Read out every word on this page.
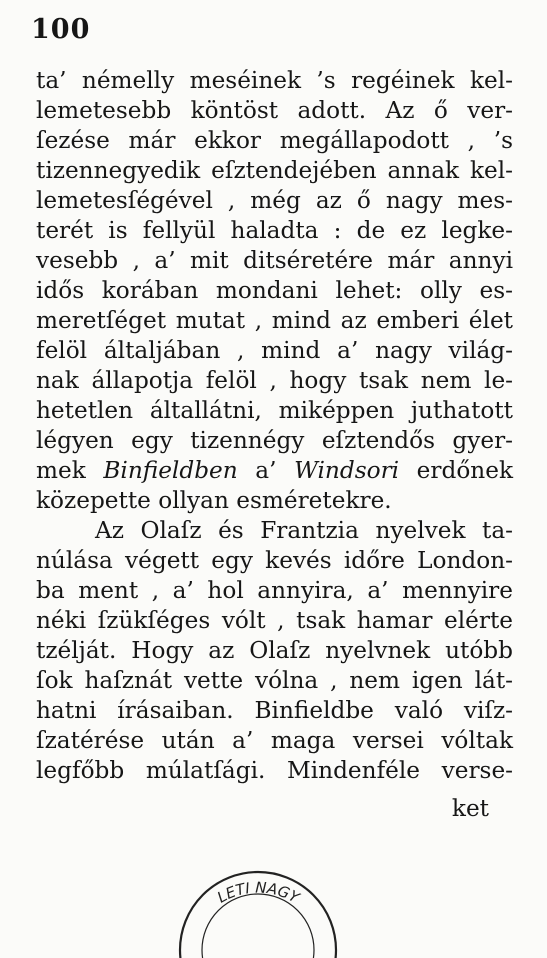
100
ta’ némelly meséinek ’s regéinek kel-
lemetesebb köntöst adott. Az ő ver-
ſezése már ekkor megállapodott , ’s
tizennegyedik eſztendejében annak kel-
lemetesſégével , még az ő nagy mes-
terét is fellyül haladta : de ez legke-
vesebb , a’ mit ditséretére már annyi
idős korában mondani lehet: olly es-
meretſéget mutat , mind az emberi élet
felöl általjában , mind a’ nagy világ-
nak állapotja felöl , hogy tsak nem le-
hetetlen általlátni, miképpen juthatott
légyen egy tizennégy eſztendős gyer-
mek Binfieldben a’ Windsori erdőnek
közepette ollyan esméretekre.
Az Olaſz és Frantzia nyelvek ta-
núlása végett egy kevés időre London-
ba ment , a’ hol annyira, a’ mennyire
néki ſzükſéges vólt , tsak hamar elérte
tzélját. Hogy az Olaſz nyelvnek utóbb
ſok haſznát vette vólna , nem igen lát-
hatni írásaiban. Binfieldbe való viſz-
ſzatérése után a’ maga versei vóltak
legfőbb múlatſági. Mindenféle verse-
ket
LETI NAGY
